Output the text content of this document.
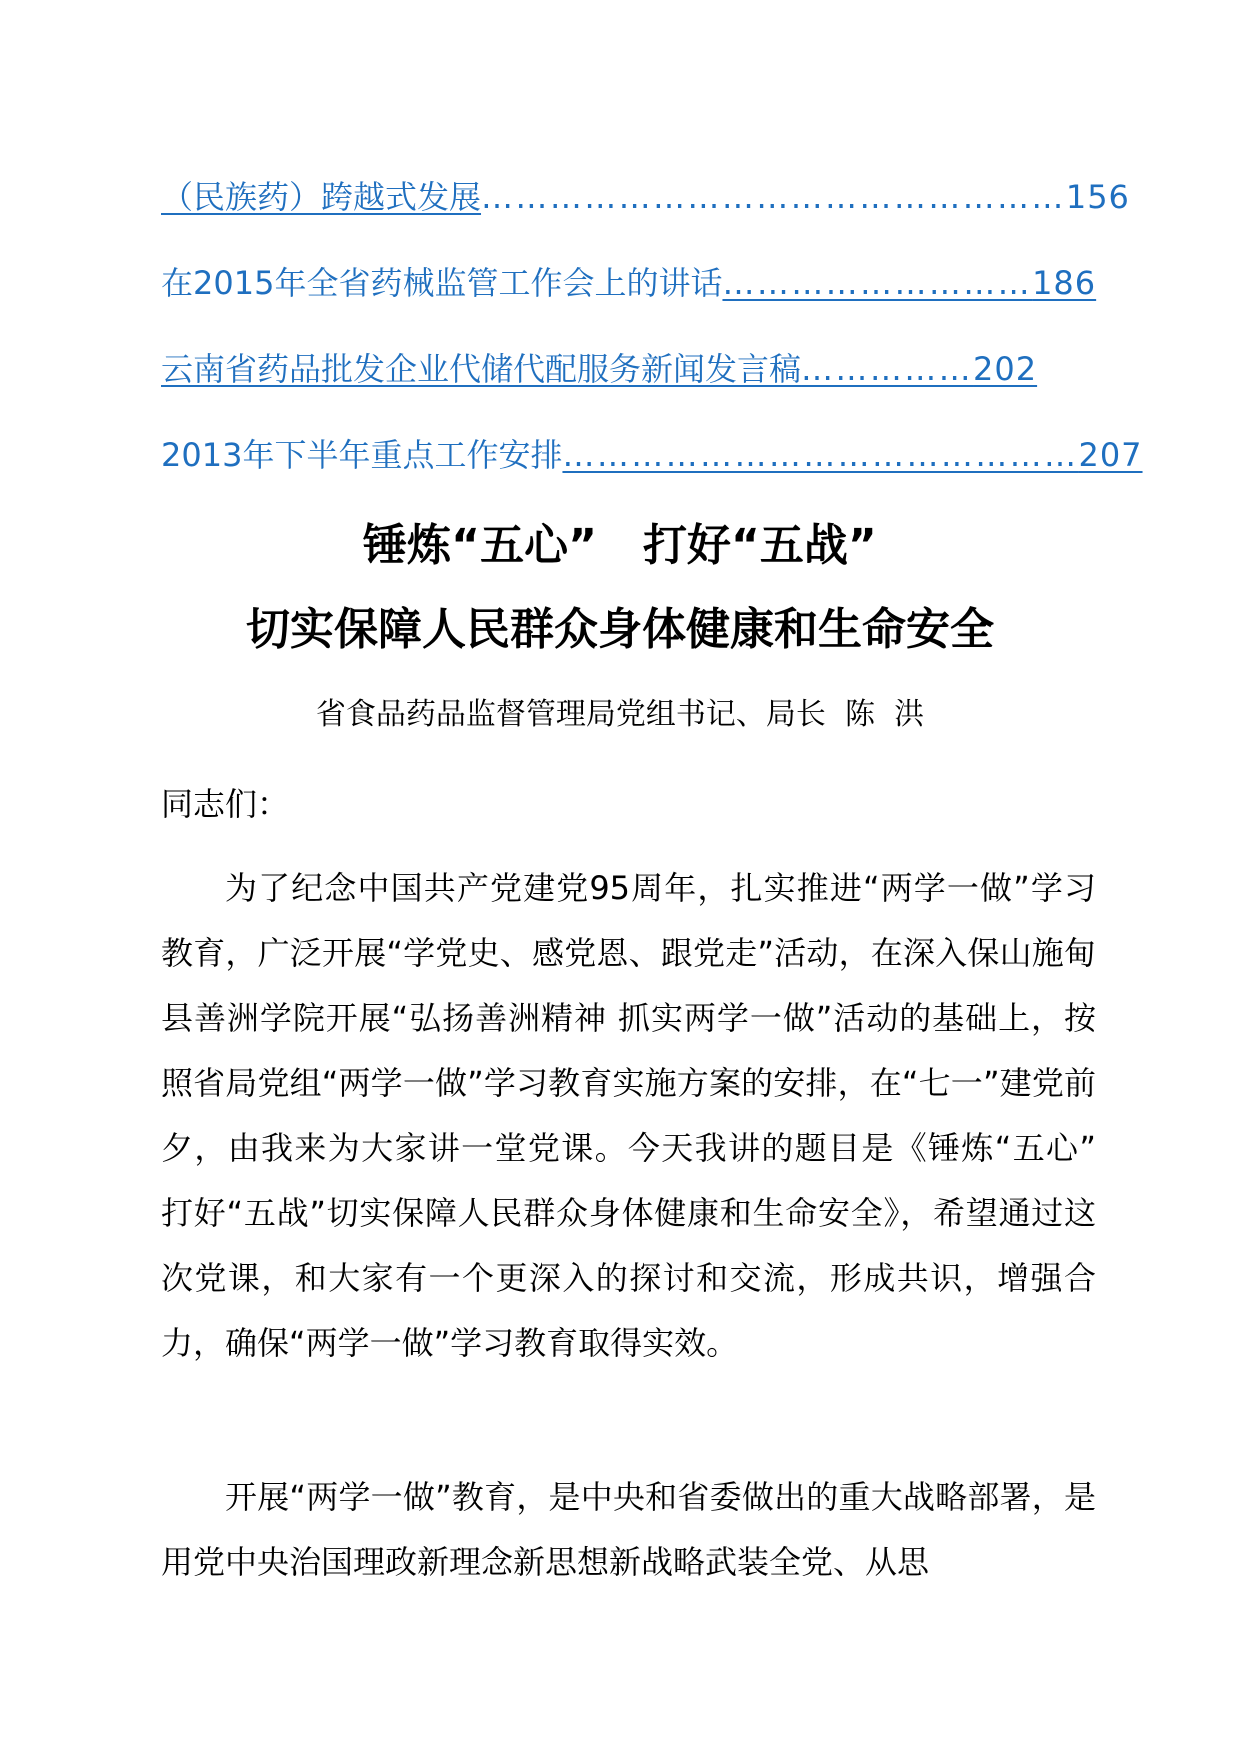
（民族药）跨越式发展 …………………………………………… 156
在2015年全省药械监管工作会上的讲话 ……………………… 186
云南省药品批发企业代储代配服务新闻发言稿 …………… 202
2013年下半年重点工作安排 ……………………………………… 207
锤炼“五心”   打好“五战”
切实保障人民群众身体健康和生命安全
省食品药品监督管理局党组书记、局长  陈  洪
同志们：
为了纪念中国共产党建党95周年，扎实推进“两学一做”学习教育，广泛开展“学党史、感党恩、跟党走”活动，在深入保山施甸县善洲学院开展“弘扬善洲精神 抓实两学一做”活动的基础上，按照省局党组“两学一做”学习教育实施方案的安排，在“七一”建党前夕，由我来为大家讲一堂党课。今天我讲的题目是《锤炼“五心” 打好“五战”切实保障人民群众身体健康和生命安全》，希望通过这次党课，和大家有一个更深入的探讨和交流，形成共识，增强合力，确保“两学一做”学习教育取得实效。
开展“两学一做”教育，是中央和省委做出的重大战略部署，是用党中央治国理政新理念新思想新战略武装全党、从思
